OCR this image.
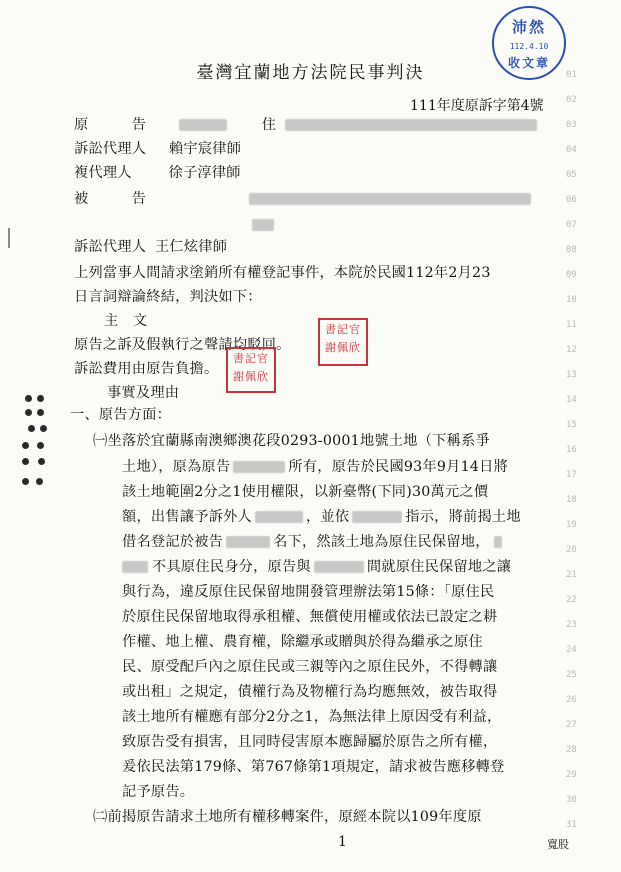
沛然
112.4.10
收文章
臺灣宜蘭地方法院民事判決
111年度原訴字第4號
01
02
03
04
05
06
07
08
09
10
11
12
13
14
15
16
17
18
19
20
21
22
23
24
25
26
27
28
29
30
31
原　　　告	住
訴訟代理人 賴宇宸律師
複代理人	徐子淳律師
被　　　告
訴訟代理人 王仁炫律師
上列當事人間請求塗銷所有權登記事件，本院於民國112年2月23
日言詞辯論終結，判決如下：
主　文
原告之訴及假執行之聲請均駁回。
訴訟費用由原告負擔。
事實及理由
一、原告方面：
㈠坐落於宜蘭縣南澳鄉澳花段0293-0001地號土地（下稱系爭
土地），原為原告	所有，原告於民國93年9月14日將
該土地範圍2分之1使用權限，以新臺幣(下同)30萬元之價
額，出售讓予訴外人	，並依	指示，將前揭土地
借名登記於被告	名下，然該土地為原住民保留地，
不具原住民身分，原告與	間就原住民保留地之讓
與行為，違反原住民保留地開發管理辦法第15條：「原住民
於原住民保留地取得承租權、無償使用權或依法已設定之耕
作權、地上權、農育權，除繼承或贈與於得為繼承之原住
民、原受配戶內之原住民或三親等內之原住民外，不得轉讓
或出租」之規定，債權行為及物權行為均應無效，被告取得
該土地所有權應有部分2分之1，為無法律上原因受有利益，
致原告受有損害，且同時侵害原本應歸屬於原告之所有權，
爰依民法第179條、第767條第1項規定，請求被告應移轉登
記予原告。
㈡前揭原告請求土地所有權移轉案件，原經本院以109年度原
書記官
謝佩欣
書記官
謝佩欣
1	寬股
